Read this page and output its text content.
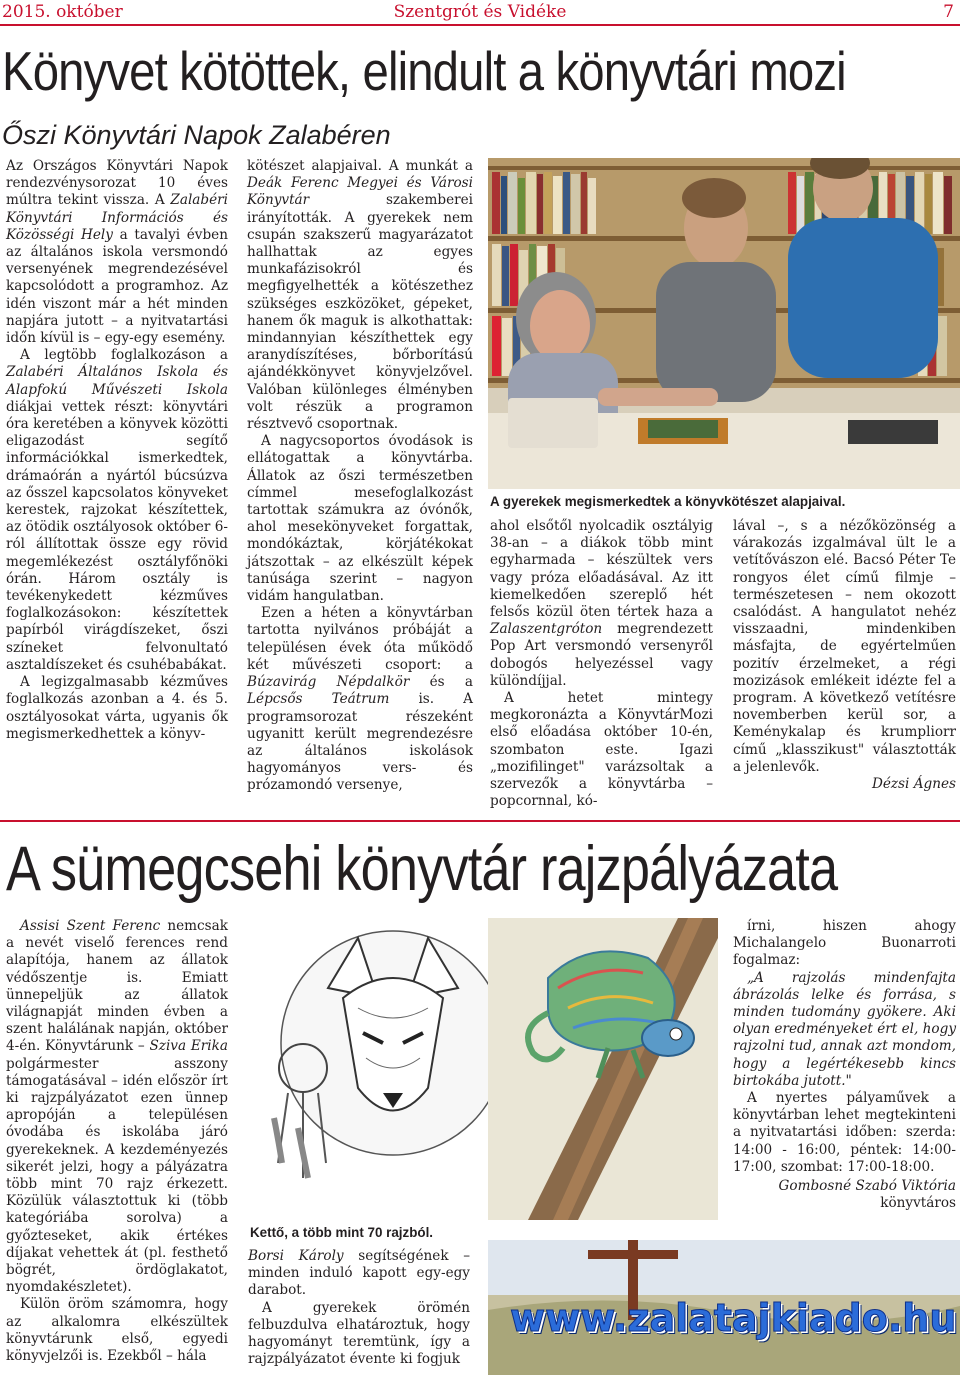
2015. október	Szentgrót és Vidéke	7
Könyvet kötöttek, elindult a könyvtári mozi
Őszi Könyvtári Napok Zalabéren

Az Országos Könyvtári Napok rendezvénysorozat 10 éves múltra tekint vissza. A Zalabéri Könyvtári Információs és Közösségi Hely a tavalyi évben az általános iskola versmondó versenyének megrendezésével kapcsolódott a programhoz. Az idén viszont már a hét minden napjára jutott – a nyitvatartási időn kívül is – egy-egy esemény.

A legtöbb foglalkozáson a Zalabéri Általános Iskola és Alapfokú Művészeti Iskola diákjai vettek részt: könyvtári óra keretében a könyvek közötti eligazodást segítő információkkal ismerkedtek, drámaórán a nyártól búcsúzva az ősszel kapcsolatos könyveket kerestek, rajzokat készítettek, az ötödik osztályosok október 6-ról állítottak össze egy rövid megemlékezést osztályfőnöki órán. Három osztály is tevékenykedett kézműves foglalkozásokon: készítettek papírból virágdíszeket, őszi színeket felvonultató asztaldíszeket és csuhébabákat.

A legizgalmasabb kézműves foglalkozás azonban a 4. és 5. osztályosokat várta, ugyanis ők megismerkedhettek a könyv-

kötészet alapjaival. A munkát a Deák Ferenc Megyei és Városi Könyvtár szakemberei irányították. A gyerekek nem csupán szakszerű magyarázatot hallhattak az egyes munkafázisokról és megfigyelhették a kötészethez szükséges eszközöket, gépeket, hanem ők maguk is alkothattak: mindannyian készíthettek egy aranydíszítéses, bőrborítású ajándékkönyvet könyvjelzővel. Valóban különleges élményben volt részük a programon résztvevő csoportnak.

A nagycsoportos óvodások is ellátogattak a könyvtárba. Állatok az őszi természetben címmel mesefoglalkozást tartottak számukra az óvónők, ahol mesekönyveket forgattak, mondókáztak, körjátékokat játszottak – az elkészült képek tanúsága szerint – nagyon vidám hangulatban.

Ezen a héten a könyvtárban tartotta nyilvános próbáját a településen évek óta működő két művészeti csoport: a Búzavirág Népdalkör és a Lépcsős Teátrum is. A programsorozat részeként ugyanitt került megrendezésre az általános iskolások hagyományos vers- és prózamondó versenye,

A gyerekek megismerkedtek a könyvkötészet alapjaival.

ahol elsőtől nyolcadik osztályig 38-an – a diákok több mint egyharmada – készültek vers vagy próza előadásával. Az itt kiemelkedően szereplő hét felsős közül öten tértek haza a Zalaszentgróton megrendezett Pop Art versmondó versenyről dobogós helyezéssel vagy különdíjjal.

A hetet mintegy megkoronázta a KönyvtárMozi első előadása október 10-én, szombaton este. Igazi „mozifilinget" varázsoltak a szervezők a könyvtárba – popcornnal, kó-

lával –, s a nézőközönség a várakozás izgalmával ült le a vetítővászon elé. Bacsó Péter Te rongyos élet című filmje – természetesen – nem okozott csalódást. A hangulatot nehéz visszaadni, mindenkiben másfajta, de egyértelműen pozitív érzelmeket, a régi mozizások emlékeit idézte fel a program. A következő vetítésre novemberben kerül sor, a Keménykalap és krumpliorr című „klasszikust" választották a jelenlevők.

Dézsi Ágnes

A sümegcsehi könyvtár rajzpályázata

Assisi Szent Ferenc nemcsak a nevét viselő ferences rend alapítója, hanem az állatok védőszentje is. Emiatt ünnepeljük az állatok világnapját minden évben a szent halálának napján, október 4-én. Könyvtárunk – Sziva Erika polgármester asszony támogatásával – idén először írt ki rajzpályázatot ezen ünnep apropóján a településen óvodába és iskolába járó gyerekeknek. A kezdeményezés sikerét jelzi, hogy a pályázatra több mint 70 rajz érkezett. Közülük választottuk ki (több kategóriába sorolva) a győzteseket, akik értékes díjakat vehettek át (pl. festhető bögrét, ördöglakatot, nyomdakészletet).

Külön öröm számomra, hogy az alkalomra elkészültek könyvtárunk első, egyedi könyvjelzői is. Ezekből – hála

Kettő, a több mint 70 rajzból.

Borsi Károly segítségének – minden induló kapott egy-egy darabot.

A gyerekek örömén felbuzdulva elhatároztuk, hogy hagyományt teremtünk, így a rajzpályázatot évente ki fogjuk

írni, hiszen ahogy Michalangelo Buonarroti fogalmaz:

„A rajzolás mindenfajta ábrázolás lelke és forrása, s minden tudomány gyökere. Aki olyan eredményeket ért el, hogy rajzolni tud, annak azt mondom, hogy a legértékesebb kincs birtokába jutott."

A nyertes pályaművek a könyvtárban lehet megtekinteni a nyitvatartási időben: szerda: 14:00 - 16:00, péntek: 14:00-17:00, szombat: 17:00-18:00.

Gombosné Szabó Viktória

könyvtáros

www.zalatajkiado.hu
